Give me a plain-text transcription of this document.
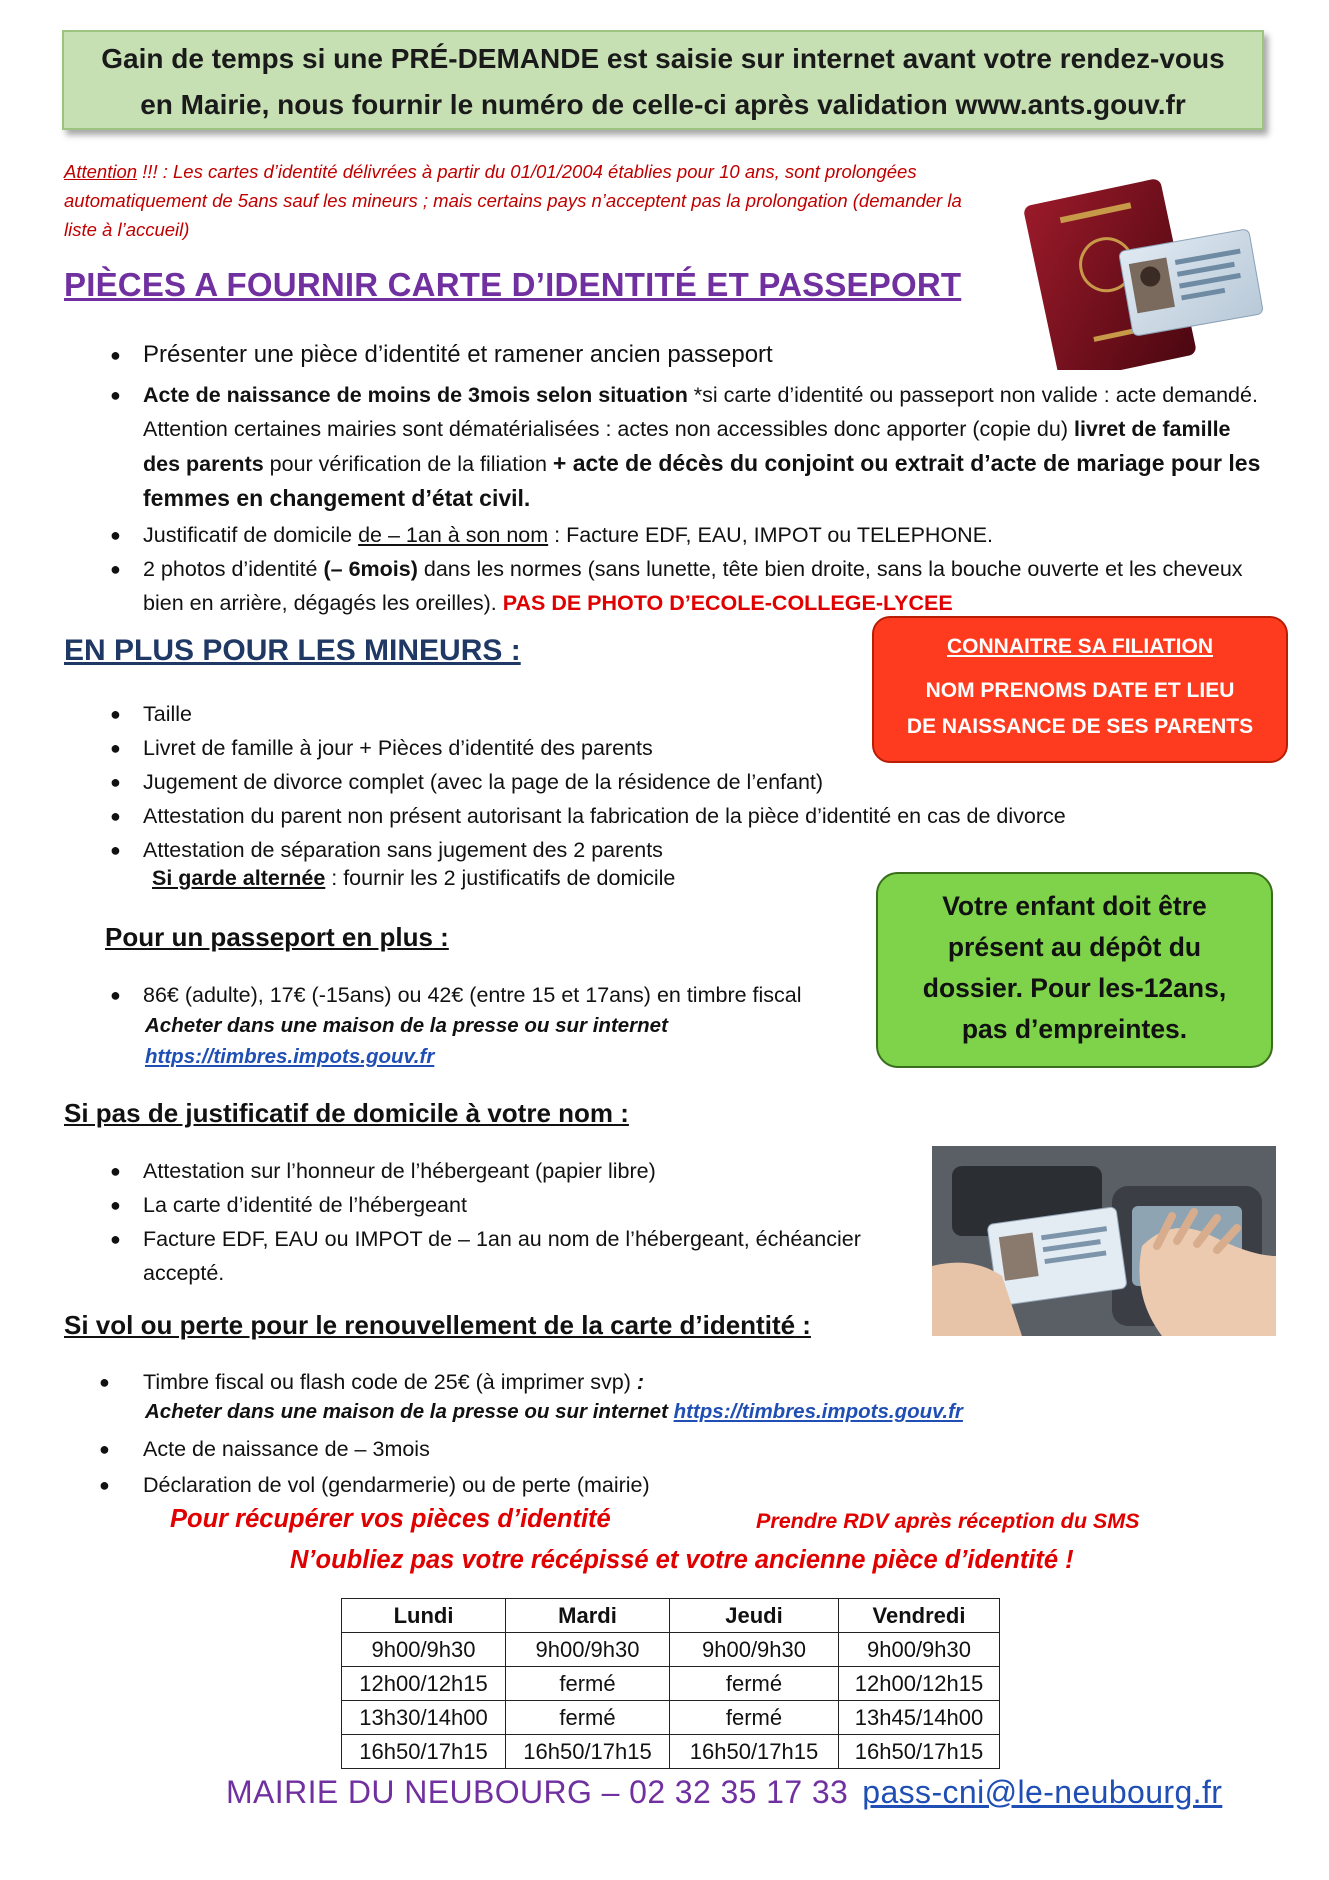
Gain de temps si une PRÉ-DEMANDE est saisie sur internet avant votre rendez-vous
en Mairie, nous fournir le numéro de celle-ci après validation www.ants.gouv.fr
Attention !!! : Les cartes d’identité délivrées à partir du 01/01/2004 établies pour 10 ans, sont prolongées automatiquement de 5ans sauf les mineurs ; mais certains pays n’acceptent pas la prolongation (demander la liste à l’accueil)
PIÈCES A FOURNIR CARTE D’IDENTITÉ ET PASSEPORT
● Présenter une pièce d’identité et ramener ancien passeport
● Acte de naissance de moins de 3mois selon situation *si carte d’identité ou passeport non valide : acte demandé. Attention certaines mairies sont dématérialisées : actes non accessibles donc apporter (copie du) livret de famille des parents pour vérification de la filiation + acte de décès du conjoint ou extrait d’acte de mariage pour les femmes en changement d’état civil.
● Justificatif de domicile de – 1an à son nom : Facture EDF, EAU, IMPOT ou TELEPHONE.
● 2 photos d’identité (– 6mois) dans les normes (sans lunette, tête bien droite, sans la bouche ouverte et les cheveux bien en arrière, dégagés les oreilles). PAS DE PHOTO D’ECOLE-COLLEGE-LYCEE
EN PLUS POUR LES MINEURS :	CONNAITRE SA FILIATION
NOM PRENOMS DATE ET LIEU
DE NAISSANCE DE SES PARENTS
● Taille
● Livret de famille à jour + Pièces d’identité des parents
● Jugement de divorce complet (avec la page de la résidence de l’enfant)
● Attestation du parent non présent autorisant la fabrication de la pièce d’identité en cas de divorce
● Attestation de séparation sans jugement des 2 parents
Si garde alternée : fournir les 2 justificatifs de domicile
Votre enfant doit être
présent au dépôt du
dossier. Pour les-12ans,
pas d’empreintes.
Pour un passeport en plus :
● 86€ (adulte), 17€ (-15ans) ou 42€ (entre 15 et 17ans) en timbre fiscal
Acheter dans une maison de la presse ou sur internet
https://timbres.impots.gouv.fr
Si pas de justificatif de domicile à votre nom :
● Attestation sur l’honneur de l’hébergeant (papier libre)
● La carte d’identité de l’hébergeant
● Facture EDF, EAU ou IMPOT de – 1an au nom de l’hébergeant, échéancier accepté.
Si vol ou perte pour le renouvellement de la carte d’identité :
● Timbre fiscal ou flash code de 25€ (à imprimer svp) :
Acheter dans une maison de la presse ou sur internet https://timbres.impots.gouv.fr
● Acte de naissance de – 3mois
● Déclaration de vol (gendarmerie) ou de perte (mairie)
Pour récupérer vos pièces d’identité	Prendre RDV après réception du SMS
N’oubliez pas votre récépissé et votre ancienne pièce d’identité !
Lundi	Mardi	Jeudi	Vendredi
9h00/9h30	9h00/9h30	9h00/9h30	9h00/9h30
12h00/12h15	fermé	fermé	12h00/12h15
13h30/14h00	fermé	fermé	13h45/14h00
16h50/17h15	16h50/17h15	16h50/17h15	16h50/17h15
MAIRIE DU NEUBOURG – 02 32 35 17 33 pass-cni@le-neubourg.fr
